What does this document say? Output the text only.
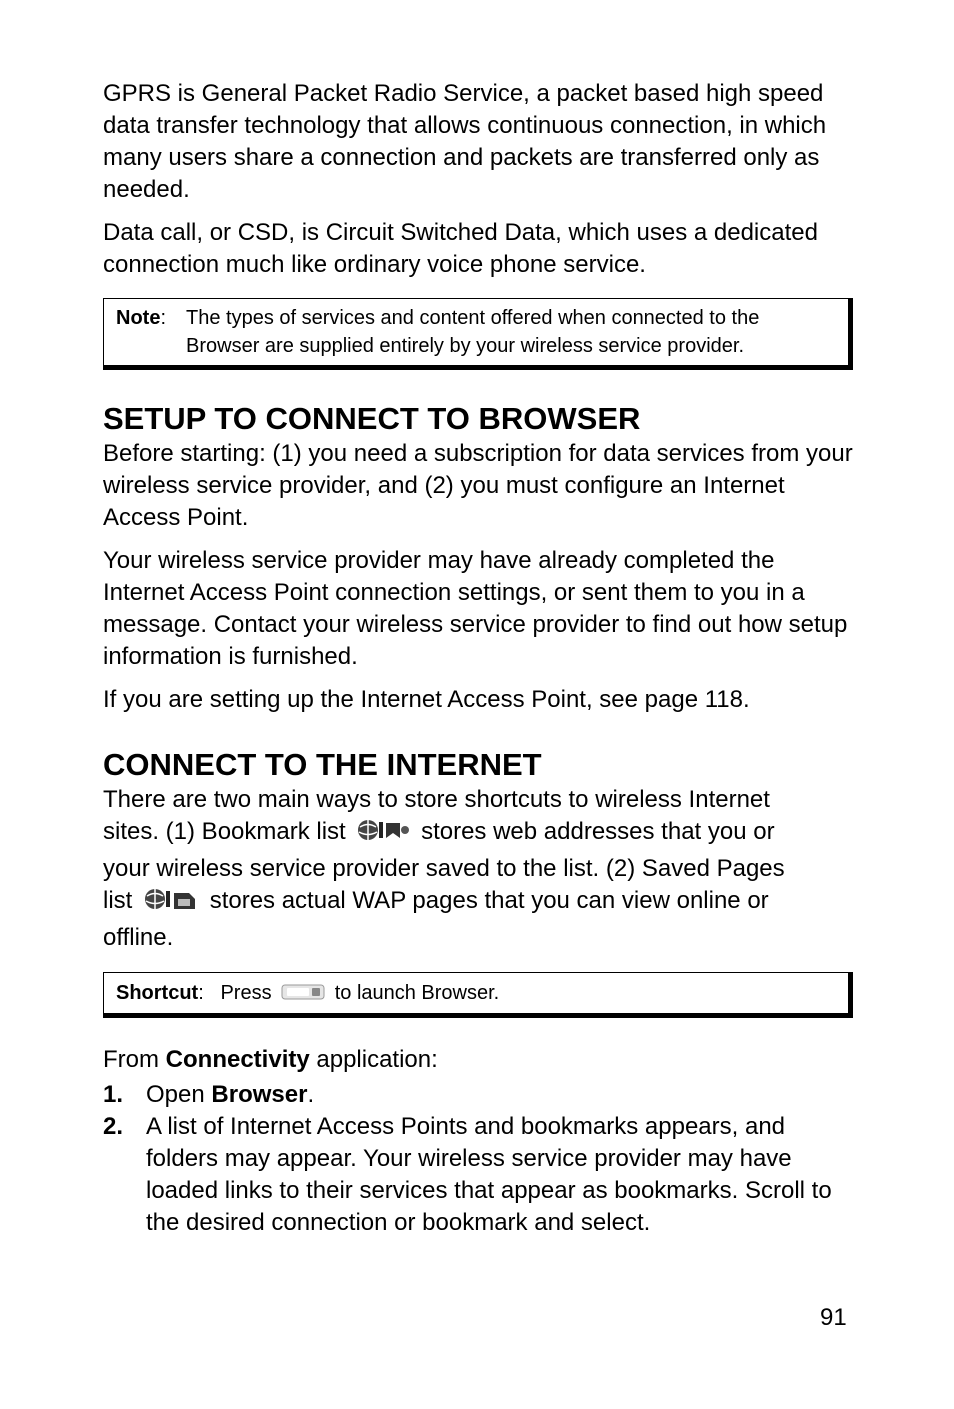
GPRS is General Packet Radio Service, a packet based high speed data transfer technology that allows continuous connection, in which many users share a connection and packets are transferred only as needed.

Data call, or CSD, is Circuit Switched Data, which uses a dedicated connection much like ordinary voice phone service.

Note: The types of services and content offered when connected to the
Browser are supplied entirely by your wireless service provider.
SETUP TO CONNECT TO BROWSER

Before starting: (1) you need a subscription for data services from your wireless service provider, and (2) you must configure an Internet Access Point.

Your wireless service provider may have already completed the Internet Access Point connection settings, or sent them to you in a message. Contact your wireless service provider to find out how setup information is furnished.

If you are setting up the Internet Access Point, see page 118.

CONNECT TO THE INTERNET

There are two main ways to store shortcuts to wireless Internet

sites. (1) Bookmark list	stores web addresses that you or

your wireless service provider saved to the list. (2) Saved Pages

list	stores actual WAP pages that you can view online or

offline.

Shortcut: Press	to launch Browser.

From Connectivity application:

1. Open Browser.
2. A list of Internet Access Points and bookmarks appears, and folders may appear. Your wireless service provider may have loaded links to their services that appear as bookmarks. Scroll to the desired connection or bookmark and select.
91
